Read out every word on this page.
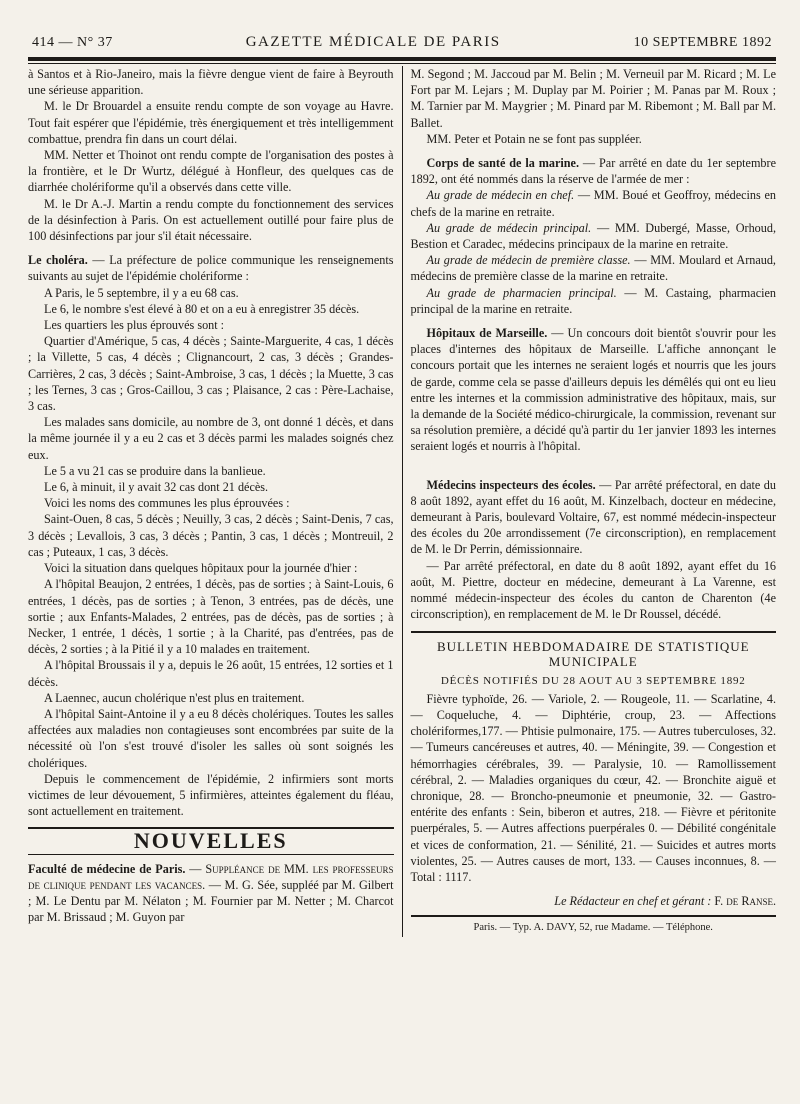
414 — N° 37	GAZETTE MÉDICALE DE PARIS	10 SEPTEMBRE 1892

à Santos et à Rio-Janeiro, mais la fièvre dengue vient de faire à Beyrouth une sérieuse apparition.

M. le Dr Brouardel a ensuite rendu compte de son voyage au Havre. Tout fait espérer que l'épidémie, très énergiquement et très intelligemment combattue, prendra fin dans un court délai.

MM. Netter et Thoinot ont rendu compte de l'organisation des postes à la frontière, et le Dr Wurtz, délégué à Honfleur, des quelques cas de diarrhée cholériforme qu'il a observés dans cette ville.

M. le Dr A.-J. Martin a rendu compte du fonctionnement des services de la désinfection à Paris. On est actuellement outillé pour faire plus de 100 désinfections par jour s'il était nécessaire.

Le choléra. — La préfecture de police communique les renseignements suivants au sujet de l'épidémie cholériforme :

A Paris, le 5 septembre, il y a eu 68 cas.

Le 6, le nombre s'est élevé à 80 et on a eu à enregistrer 35 décès.

Les quartiers les plus éprouvés sont :

Quartier d'Amérique, 5 cas, 4 décès ; Sainte-Marguerite, 4 cas, 1 décès ; la Villette, 5 cas, 4 décès ; Clignancourt, 2 cas, 3 décès ; Grandes-Carrières, 2 cas, 3 décès ; Saint-Ambroise, 3 cas, 1 décès ; la Muette, 3 cas ; les Ternes, 3 cas ; Gros-Caillou, 3 cas ; Plaisance, 2 cas : Père-Lachaise, 3 cas.

Les malades sans domicile, au nombre de 3, ont donné 1 décès, et dans la même journée il y a eu 2 cas et 3 décès parmi les malades soignés chez eux.

Le 5 a vu 21 cas se produire dans la banlieue.

Le 6, à minuit, il y avait 32 cas dont 21 décès.

Voici les noms des communes les plus éprouvées :

Saint-Ouen, 8 cas, 5 décès ; Neuilly, 3 cas, 2 décès ; Saint-Denis, 7 cas, 3 décès ; Levallois, 3 cas, 3 décès ; Pantin, 3 cas, 1 décès ; Montreuil, 2 cas ; Puteaux, 1 cas, 3 décès.

Voici la situation dans quelques hôpitaux pour la journée d'hier :

A l'hôpital Beaujon, 2 entrées, 1 décès, pas de sorties ; à Saint-Louis, 6 entrées, 1 décès, pas de sorties ; à Tenon, 3 entrées, pas de décès, une sortie ; aux Enfants-Malades, 2 entrées, pas de décès, pas de sorties ; à Necker, 1 entrée, 1 décès, 1 sortie ; à la Charité, pas d'entrées, pas de décès, 2 sorties ; à la Pitié il y a 10 malades en traitement.

A l'hôpital Broussais il y a, depuis le 26 août, 15 entrées, 12 sorties et 1 décès.

A Laennec, aucun cholérique n'est plus en traitement.

A l'hôpital Saint-Antoine il y a eu 8 décès cholériques. Toutes les salles affectées aux maladies non contagieuses sont encombrées par suite de la nécessité où l'on s'est trouvé d'isoler les salles où sont soignés les cholériques.

Depuis le commencement de l'épidémie, 2 infirmiers sont morts victimes de leur dévouement, 5 infirmières, atteintes également du fléau, sont actuellement en traitement.

NOUVELLES

Faculté de médecine de Paris. — Suppléance de MM. les professeurs de clinique pendant les vacances. — M. G. Sée, suppléé par M. Gilbert ; M. Le Dentu par M. Nélaton ; M. Fournier par M. Netter ; M. Charcot par M. Brissaud ; M. Guyon par

M. Segond ; M. Jaccoud par M. Belin ; M. Verneuil par M. Ricard ; M. Le Fort par M. Lejars ; M. Duplay par M. Poirier ; M. Panas par M. Roux ; M. Tarnier par M. Maygrier ; M. Pinard par M. Ribemont ; M. Ball par M. Ballet.

MM. Peter et Potain ne se font pas suppléer.

Corps de santé de la marine. — Par arrêté en date du 1er septembre 1892, ont été nommés dans la réserve de l'armée de mer :

Au grade de médecin en chef. — MM. Boué et Geoffroy, médecins en chefs de la marine en retraite.

Au grade de médecin principal. — MM. Dubergé, Masse, Orhoud, Bestion et Caradec, médecins principaux de la marine en retraite.

Au grade de médecin de première classe. — MM. Moulard et Arnaud, médecins de première classe de la marine en retraite.

Au grade de pharmacien principal. — M. Castaing, pharmacien principal de la marine en retraite.

Hôpitaux de Marseille. — Un concours doit bientôt s'ouvrir pour les places d'internes des hôpitaux de Marseille. L'affiche annonçant le concours portait que les internes ne seraient logés et nourris que les jours de garde, comme cela se passe d'ailleurs depuis les démêlés qui ont eu lieu entre les internes et la commission administrative des hôpitaux, mais, sur la demande de la Société médico-chirurgicale, la commission, revenant sur sa résolution première, a décidé qu'à partir du 1er janvier 1893 les internes seraient logés et nourris à l'hôpital.

Médecins inspecteurs des écoles. — Par arrêté préfectoral, en date du 8 août 1892, ayant effet du 16 août, M. Kinzelbach, docteur en médecine, demeurant à Paris, boulevard Voltaire, 67, est nommé médecin-inspecteur des écoles du 20e arrondissement (7e circonscription), en remplacement de M. le Dr Perrin, démissionnaire.

— Par arrêté préfectoral, en date du 8 août 1892, ayant effet du 16 août, M. Piettre, docteur en médecine, demeurant à La Varenne, est nommé médecin-inspecteur des écoles du canton de Charenton (4e circonscription), en remplacement de M. le Dr Roussel, décédé.

BULLETIN HEBDOMADAIRE DE STATISTIQUE MUNICIPALE
DÉCÈS NOTIFIÉS DU 28 AOUT AU 3 SEPTEMBRE 1892

Fièvre typhoïde, 26. — Variole, 2. — Rougeole, 11. — Scarlatine, 4. — Coqueluche, 4. — Diphtérie, croup, 23. — Affections cholériformes,177. — Phtisie pulmonaire, 175. — Autres tuberculoses, 32. — Tumeurs cancéreuses et autres, 40. — Méningite, 39. — Congestion et hémorrhagies cérébrales, 39. — Paralysie, 10. — Ramollissement cérébral, 2. — Maladies organiques du cœur, 42. — Bronchite aiguë et chronique, 28. — Broncho-pneumonie et pneumonie, 32. — Gastro-entérite des enfants : Sein, biberon et autres, 218. — Fièvre et péritonite puerpérales, 5. — Autres affections puerpérales 0. — Débilité congénitale et vices de conformation, 21. — Sénilité, 21. — Suicides et autres morts violentes, 25. — Autres causes de mort, 133. — Causes inconnues, 8. — Total : 1117.

Le Rédacteur en chef et gérant : F. de Ranse.
Paris. — Typ. A. DAVY, 52, rue Madame. — Téléphone.
